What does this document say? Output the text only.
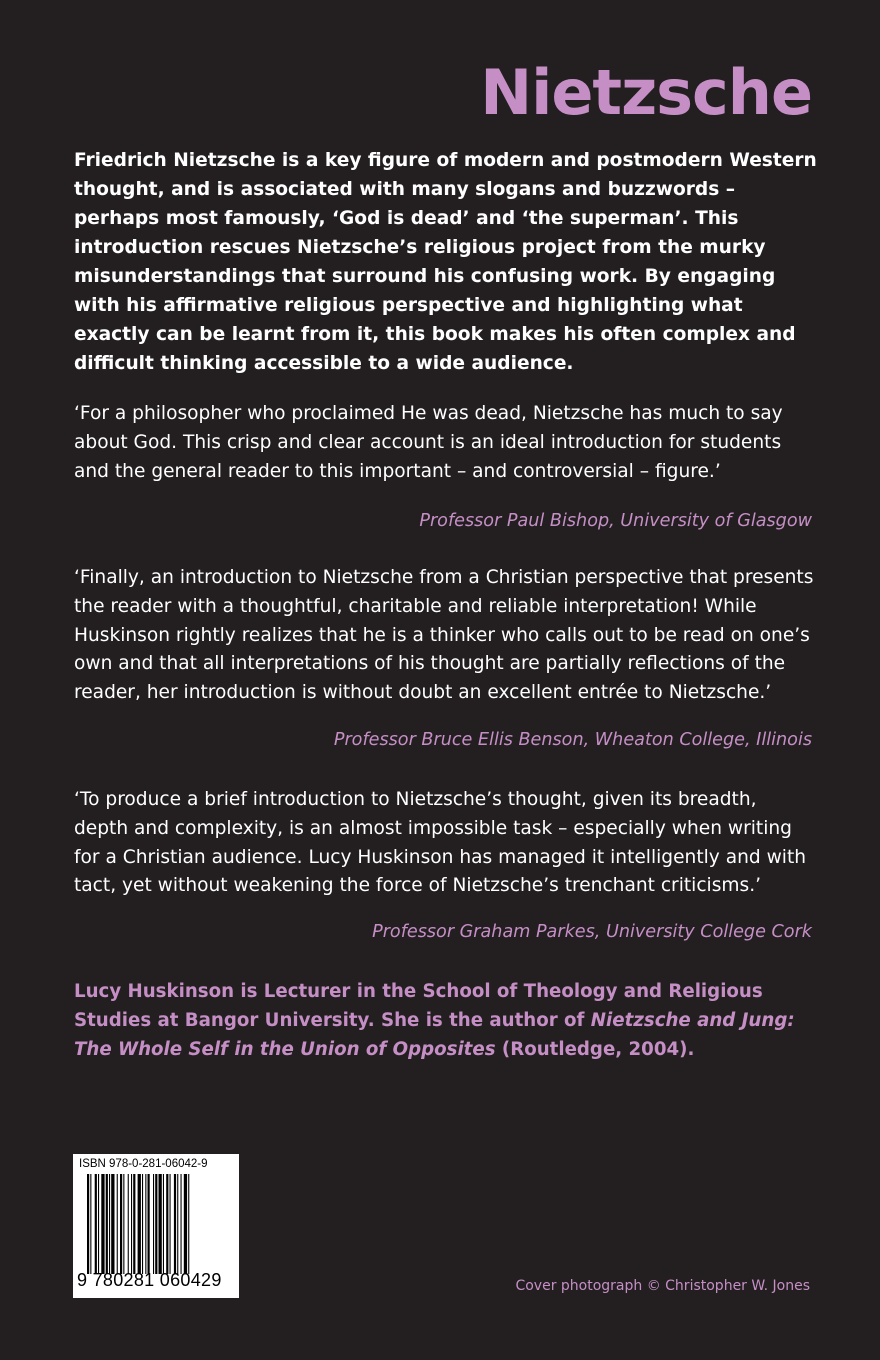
Nietzsche

Friedrich Nietzsche is a key figure of modern and postmodern Western thought, and is associated with many slogans and buzzwords – perhaps most famously, ‘God is dead’ and ‘the superman’. This introduction rescues Nietzsche’s religious project from the murky misunderstandings that surround his confusing work. By engaging with his affirmative religious perspective and highlighting what exactly can be learnt from it, this book makes his often complex and difficult thinking accessible to a wide audience.

‘For a philosopher who proclaimed He was dead, Nietzsche has much to say about God. This crisp and clear account is an ideal introduction for students and the general reader to this important – and controversial – figure.’

Professor Paul Bishop, University of Glasgow

‘Finally, an introduction to Nietzsche from a Christian perspective that presents the reader with a thoughtful, charitable and reliable interpretation! While Huskinson rightly realizes that he is a thinker who calls out to be read on one’s own and that all interpretations of his thought are partially reflections of the reader, her introduction is without doubt an excellent entrée to Nietzsche.’

Professor Bruce Ellis Benson, Wheaton College, Illinois

‘To produce a brief introduction to Nietzsche’s thought, given its breadth, depth and complexity, is an almost impossible task – especially when writing for a Christian audience. Lucy Huskinson has managed it intelligently and with tact, yet without weakening the force of Nietzsche’s trenchant criticisms.’

Professor Graham Parkes, University College Cork

Lucy Huskinson is Lecturer in the School of Theology and Religious Studies at Bangor University. She is the author of Nietzsche and Jung: The Whole Self in the Union of Opposites (Routledge, 2004).

ISBN 978-0-281-06042-9
9 780281 060429	Cover photograph © Christopher W. Jones
